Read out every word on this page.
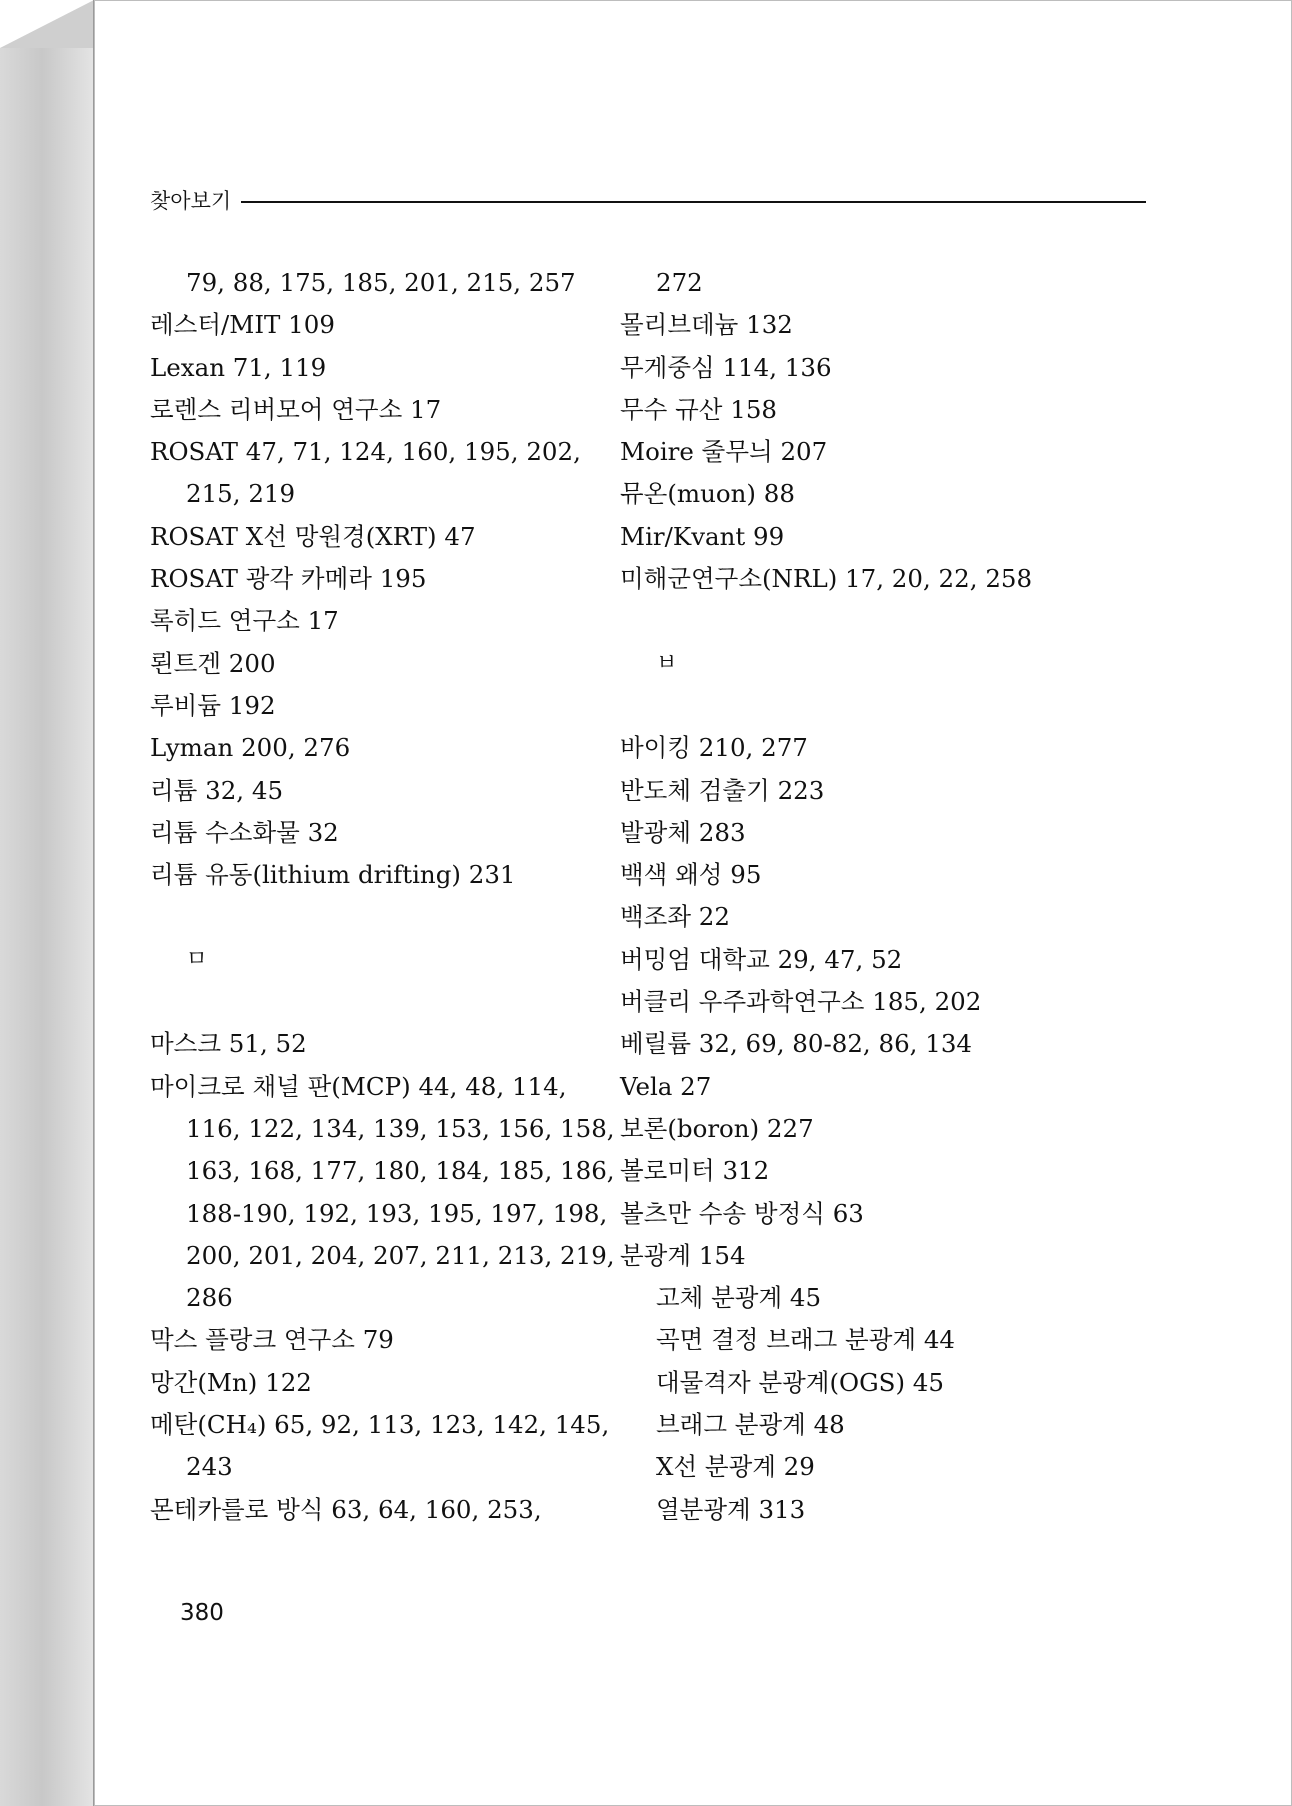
찾아보기
79, 88, 175, 185, 201, 215, 257
레스터/MIT 109
Lexan 71, 119
로렌스 리버모어 연구소 17
ROSAT 47, 71, 124, 160, 195, 202,
215, 219
ROSAT X선 망원경(XRT) 47
ROSAT 광각 카메라 195
록히드 연구소 17
뢴트겐 200
루비듐 192
Lyman 200, 276
리튬 32, 45
리튬 수소화물 32
리튬 유동(lithium drifting) 231
ㅁ
마스크 51, 52
마이크로 채널 판(MCP) 44, 48, 114,
116, 122, 134, 139, 153, 156, 158,
163, 168, 177, 180, 184, 185, 186,
188-190, 192, 193, 195, 197, 198,
200, 201, 204, 207, 211, 213, 219,
286
막스 플랑크 연구소 79
망간(Mn) 122
메탄(CH₄) 65, 92, 113, 123, 142, 145,
243
몬테카를로 방식 63, 64, 160, 253,
272
몰리브데늄 132
무게중심 114, 136
무수 규산 158
Moire 줄무늬 207
뮤온(muon) 88
Mir/Kvant 99
미해군연구소(NRL) 17, 20, 22, 258
ㅂ
바이킹 210, 277
반도체 검출기 223
발광체 283
백색 왜성 95
백조좌 22
버밍엄 대학교 29, 47, 52
버클리 우주과학연구소 185, 202
베릴륨 32, 69, 80-82, 86, 134
Vela 27
보론(boron) 227
볼로미터 312
볼츠만 수송 방정식 63
분광계 154
고체 분광계 45
곡면 결정 브래그 분광계 44
대물격자 분광계(OGS) 45
브래그 분광계 48
X선 분광계 29
열분광계 313
380
